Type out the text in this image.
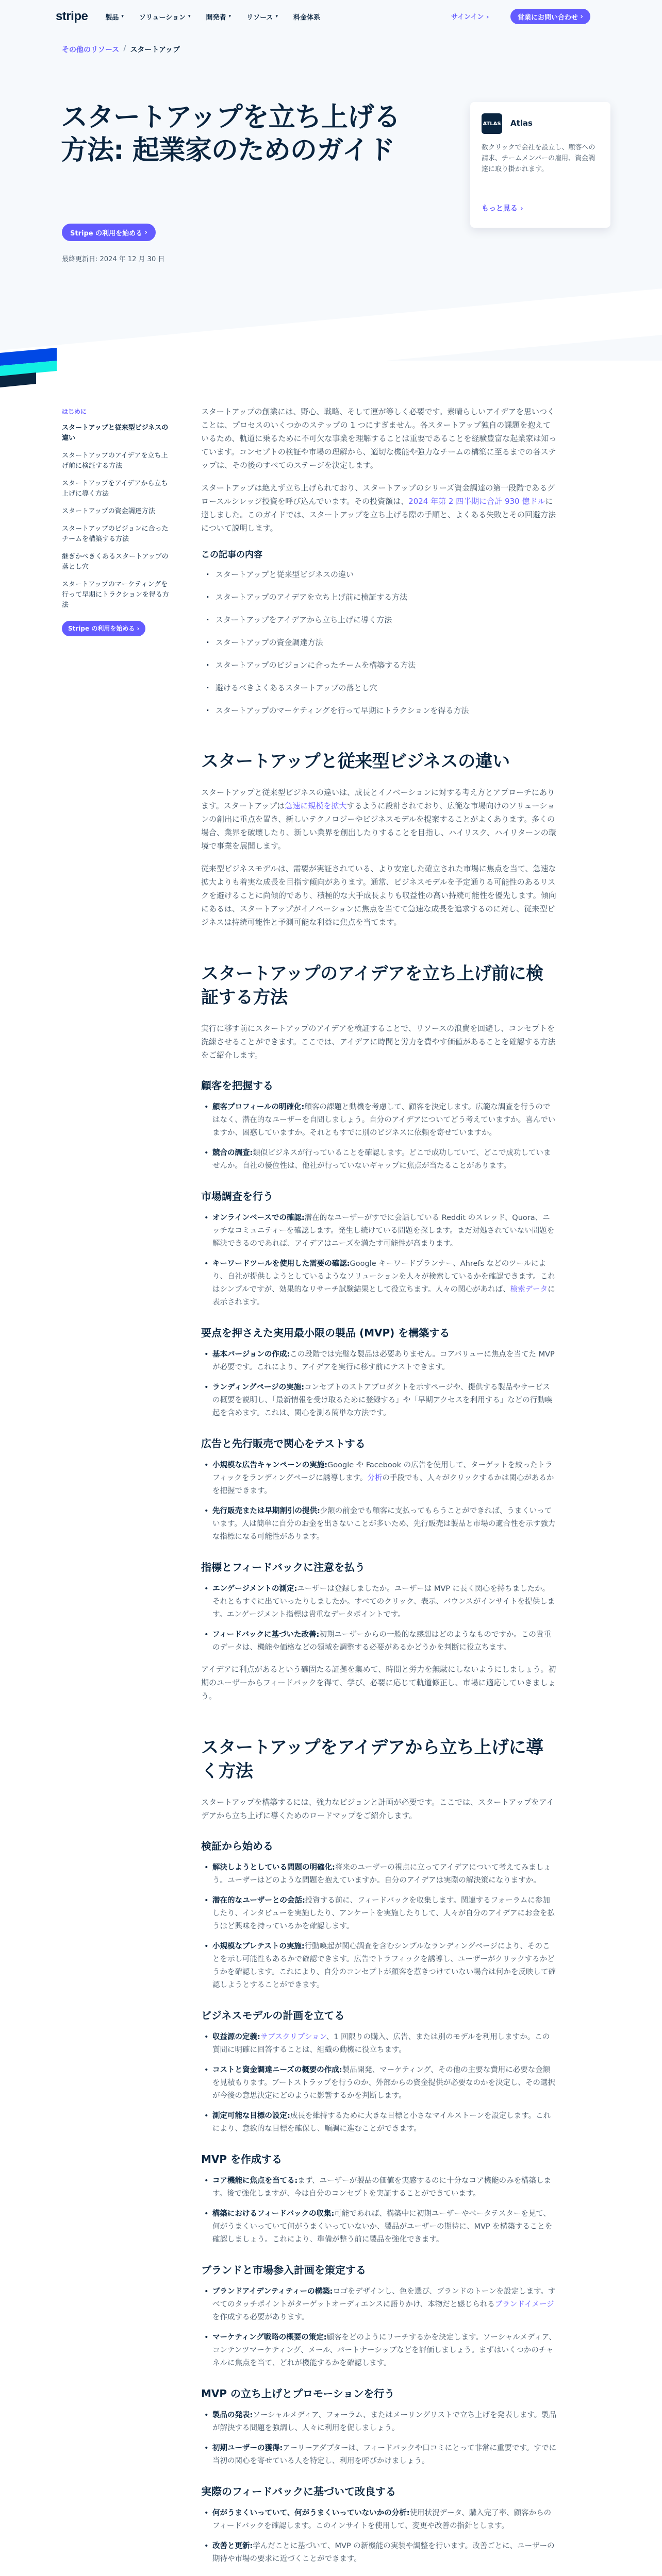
stripe	製品 ▾ ソリューション ▾ 開発者 ▾ リソース ▾ 料金体系	サインイン ›	営業にお問い合わせ
›
その他のリソース / スタートアップ
スタートアップを立ち上げる方法: 起業家のためのガイド
Stripe の利用を始める
›
最終更新日: 2024 年 12 月 30 日
ATLAS Atlas
数クリックで会社を設立し、顧客への請求、チームメンバーの雇用、資金調達に取り掛かれます。
もっと見る ›
はじめに
スタートアップと従来型ビジネスの違い
スタートアップのアイデアを立ち上げ前に検証する方法
スタートアップをアイデアから立ち上げに導く方法
スタートアップの資金調達方法
スタートアップのビジョンに合ったチームを構築する方法
継ぎかべきくあるスタートアップの落とし穴
スタートアップのマーケティングを行って早期にトラクションを得る方法
Stripe の利用を始める ›

スタートアップの創業には、野心、戦略、そして運が等しく必要です。素晴らしいアイデアを思いつくことは、プロセスのいくつかのステップの 1 つにすぎません。各スタートアップ独自の課題を抱えているため、軌道に乗るために不可欠な事業を理解することは重要であることを経験豊富な起業家は知っています。コンセプトの検証や市場の理解から、適切な機能や強力なチームの構築に至るまでの各ステップは、その後のすべてのステージを決定します。

スタートアップは絶えず立ち上げられており、スタートアップのシリーズ資金調達の第一段階であるグロースルシレッジ投資を呼び込んでいます。その投資額は、2024 年第 2 四半期に合計 930 億ドルに達しました。このガイドでは、スタートアップを立ち上げる際の手順と、よくある失敗とその回避方法について説明します。

この記事の内容
· スタートアップと従来型ビジネスの違い
· スタートアップのアイデアを立ち上げ前に検証する方法
· スタートアップをアイデアから立ち上げに導く方法
· スタートアップの資金調達方法
· スタートアップのビジョンに合ったチームを構築する方法
· 避けるべきよくあるスタートアップの落とし穴
· スタートアップのマーケティングを行って早期にトラクションを得る方法
スタートアップと従来型ビジネスの違い

スタートアップと従来型ビジネスの違いは、成長とイノベーションに対する考え方とアプローチにあります。スタートアップは急速に規模を拡大するように設計されており、広範な市場向けのソリューションの創出に重点を置き、新しいテクノロジーやビジネスモデルを提案することがよくあります。多くの場合、業界を破壊したり、新しい業界を創出したりすることを目指し、ハイリスク、ハイリターンの環境で事業を展開します。

従来型ビジネスモデルは、需要が実証されている、より安定した確立された市場に焦点を当て、急速な拡大よりも着実な成長を目指す傾向があります。通常、ビジネスモデルを予定通りる可能性のあるリスクを避けることに尚傾的であり、積極的な大手成長よりも収益性の高い持続可能性を優先します。傾向にあるは、スタートアップがイノベーションに焦点を当てて急速な成長を追求するのに対し、従来型ビジネスは持続可能性と予測可能な利益に焦点を当てます。

スタートアップのアイデアを立ち上げ前に検証する方法

実行に移す前にスタートアップのアイデアを検証することで、リソースの浪費を回避し、コンセプトを洗練させることができます。ここでは、アイデアに時間と労力を費やす価値があることを確認する方法をご紹介します。

顧客を把握する
• 顧客プロフィールの明確化:顧客の課題と動機を考慮して、顧客を決定します。広範な調査を行うのではなく、潜在的なユーザーを自問しましょう。自分のアイデアについてどう考えていますか。喜んでいますか、困惑していますか。それともすでに別のビジネスに依頼を寄せていますか。
• 競合の調査:類似ビジネスが行っていることを確認します。どこで成功していて、どこで成功していませんか。自社の優位性は、他社が行っていないギャップに焦点が当たることがあります。
市場調査を行う
• オンラインベースでの確認:潜在的なユーザーがすでに会話している Reddit のスレッド、Quora、ニッチなコミュニティーを確認します。発生し続けている問題を探します。まだ対処されていない問題を解決できるのであれば、アイデアはニーズを満たす可能性が高まります。
• キーワードツールを使用した需要の確認:Google キーワードプランナー、Ahrefs などのツールにより、自社が提供しようとしているようなソリューションを人々が検索しているかを確認できます。これはシンプルですが、効果的なリサーチ試験結果として役立ちます。人々の関心があれば、検索データに表示されます。
要点を押さえた実用最小限の製品 (MVP) を構築する
• 基本バージョンの作成:この段階では完璧な製品は必要ありません。コアバリューに焦点を当てた MVP が必要です。これにより、アイデアを実行に移す前にテストできます。
• ランディングページの実施:コンセプトのストアプロダクトを示すページや、提供する製品やサービスの概要を説明し、「最新情報を受け取るために登録する」や「早期アクセスを利用する」などの行動喚起を含めます。これは、関心を測る簡単な方法です。
広告と先行販売で関心をテストする
• 小規模な広告キャンペーンの実施:Google や Facebook の広告を使用して、ターゲットを絞ったトラフィックをランディングページに誘導します。分析の手段でも、人々がクリックするかは関心があるかを把握できます。
• 先行販売または早期割引の提供:少額の前金でも顧客に支払ってもらうことができれば、うまくいっています。人は簡単に自分のお金を出さないことが多いため、先行販売は製品と市場の適合性を示す強力な指標になる可能性があります。
指標とフィードバックに注意を払う
• エンゲージメントの測定:ユーザーは登録しましたか。ユーザーは MVP に長く関心を持ちましたか。それともすぐに出ていったりしましたか。すべてのクリック、表示、バウンスがインサイトを提供します。エンゲージメント指標は貴重なデータポイントです。
• フィードバックに基づいた改善:初期ユーザーからの一般的な感想はどのようなものですか。この貴重のデータは、機能や価格などの領域を調整する必要があるかどうかを判断に役立ちます。

アイデアに利点があるという確固たる証拠を集めて、時間と労力を無駄にしないようにしましょう。初期のユーザーからフィードバックを得て、学び、必要に応じて軌道修正し、市場に適応していきましょう。

スタートアップをアイデアから立ち上げに導く方法

スタートアップを構築するには、強力なビジョンと計画が必要です。ここでは、スタートアップをアイデアから立ち上げに導くためのロードマップをご紹介します。

検証から始める
• 解決しようとしている問題の明確化:将来のユーザーの視点に立ってアイデアについて考えてみましょう。ユーザーはどのような問題を抱えていますか。自分のアイデアは実際の解決策になりますか。
• 潜在的なユーザーとの会話:投資する前に、フィードバックを収集します。関連するフォーラムに参加したり、インタビューを実施したり、アンケートを実施したりして、人々が自分のアイデアにお金を払うほど興味を持っているかを確認します。
• 小規模なプレテストの実施:行動喚起が関心調査を含むシンプルなランディングページにより、そのことを示し可能性もあるかで確認できます。広告でトラフィックを誘導し、ユーザーがクリックするかどうかを確認します。これにより、自分のコンセプトが顧客を惹きつけていない場合は何かを反映して確認しようとすることができます。
ビジネスモデルの計画を立てる
• 収益源の定義:サブスクリプション、1 回限りの購入、広告、または別のモデルを利用しますか。この質問に明確に回答することは、組織の動機に役立ちます。
• コストと資金調達ニーズの概要の作成:製品開発、マーケティング、その他の主要な費用に必要な金額を見積もります。ブートストラップを行うのか、外部からの資金提供が必要なのかを決定し、その選択が今後の意思決定にどのように影響するかを判断します。
• 測定可能な目標の設定:成長を維持するために大きな目標と小さなマイルストーンを設定します。これにより、意欲的な目標を確保し、順調に進むことができます。
MVP を作成する
• コア機能に焦点を当てる:まず、ユーザーが製品の価値を実感するのに十分なコア機能のみを構築します。後で強化しますが、今は自分のコンセプトを実証することができています。
• 構築におけるフィードバックの収集:可能であれば、構築中に初期ユーザーやベータテスターを見て、何がうまくいっていて何がうまくいっていないか、製品がユーザーの期待に、MVP を構築することを確認しましょう。これにより、準備が整う前に製品を強化できます。
ブランドと市場参入計画を策定する
• ブランドアイデンティティーの構築:ロゴをデザインし、色を選び、ブランドのトーンを設定します。すべてのタッチポイントがターゲットオーディエンスに語りかけ、本物だと感じられるブランドイメージを作成する必要があります。
• マーケティング戦略の概要の策定:顧客をどのようにリーチするかを決定します。ソーシャルメディア、コンテンツマーケティング、メール、パートナーシップなどを評価しましょう。まずはいくつかのチャネルに焦点を当て、どれが機能するかを確認します。
MVP の立ち上げとプロモーションを行う
• 製品の発表:ソーシャルメディア、フォーラム、またはメーリングリストで立ち上げを発表します。製品が解決する問題を強調し、人々に利用を促しましょう。
• 初期ユーザーの獲得:アーリーアダプターは、フィードバックや口コミにとって非常に重要です。すでに当初の関心を寄せている人を特定し、利用を呼びかけましょう。
実際のフィードバックに基づいて改良する
• 何がうまくいっていて、何がうまくいっていないかの分析:使用状況データ、購入完了率、顧客からのフィードバックを確認します。このインサイトを使用して、変更や改善の指針とします。
• 改善と更新:学んだことに基づいて、MVP の新機能の実装や調整を行います。改善ごとに、ユーザーの期待や市場の要求に近づくことができます。
